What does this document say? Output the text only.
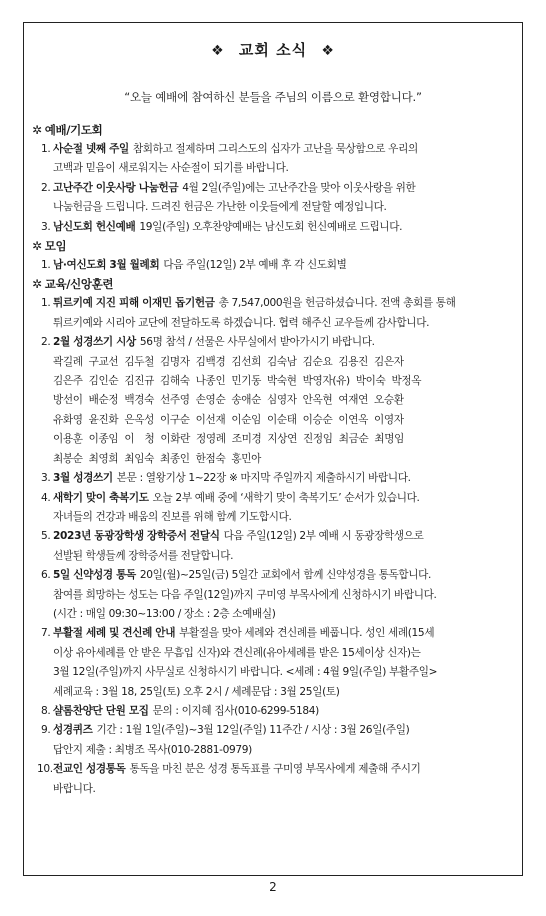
❖ 교회 소식 ❖
“오늘 예배에 참여하신 분들을 주님의 이름으로 환영합니다.”
✲ 예배/기도회
1. 사순절 넷째 주일 참회하고 절제하며 그리스도의 십자가 고난을 묵상함으로 우리의
고백과 믿음이 새로워지는 사순절이 되기를 바랍니다.
2. 고난주간 이웃사랑 나눔헌금 4월 2일(주일)에는 고난주간을 맞아 이웃사랑을 위한
나눔헌금을 드립니다. 드려진 헌금은 가난한 이웃들에게 전달할 예정입니다.
3. 남신도회 헌신예배 19일(주일) 오후찬양예배는 남신도회 헌신예배로 드립니다.
✲ 모임
1. 남·여신도회 3월 월례회 다음 주일(12일) 2부 예배 후 각 신도회별
✲ 교육/신앙훈련
1. 튀르키예 지진 피해 이재민 돕기헌금 총 7,547,000원을 헌금하셨습니다. 전액 총회를 통해
튀르키예와 시리아 교단에 전달하도록 하겠습니다. 협력 해주신 교우들께 감사합니다.
2. 2월 성경쓰기 시상 56명 참석 / 선물은 사무실에서 받아가시기 바랍니다.
곽길례 구교선 김두철 김명자 김백경 김선희 김숙남 김순요 김용진 김은자
김은주 김인순 김진규 김해숙 나종인 민기동 박숙현 박영자(유) 박이숙 박정옥
방선이 배순정 백경숙 선주영 손영순 송애순 심영자 안옥현 여재연 오승환
유화영 윤진화 은옥성 이구순 이선재 이순임 이순태 이승순 이연옥 이영자
이용훈 이종임 이　청 이화란 정영례 조미경 지상연 진정임 최금순 최명임
최봉순 최영희 최임숙 최종인 한점숙 홍민아
3. 3월 성경쓰기 본문 : 열왕기상 1~22장 ※ 마지막 주일까지 제출하시기 바랍니다.
4. 새학기 맞이 축복기도 오늘 2부 예배 중에 ‘새학기 맞이 축복기도’ 순서가 있습니다.
자녀들의 건강과 배움의 진보를 위해 함께 기도합시다.
5. 2023년 동광장학생 장학증서 전달식 다음 주일(12일) 2부 예배 시 동광장학생으로
선발된 학생들께 장학증서를 전달합니다.
6. 5일 신약성경 통독 20일(월)~25일(금) 5일간 교회에서 함께 신약성경을 통독합니다.
참여를 희망하는 성도는 다음 주일(12일)까지 구미영 부목사에게 신청하시기 바랍니다.
(시간 : 매일 09:30~13:00 / 장소 : 2층 소예배실)
7. 부활절 세례 및 견신례 안내 부활절을 맞아 세례와 견신례를 베풉니다. 성인 세례(15세
이상 유아세례를 안 받은 무흠입 신자)와 견신례(유아세례를 받은 15세이상 신자)는
3월 12일(주일)까지 사무실로 신청하시기 바랍니다. <세례 : 4월 9일(주일) 부활주일>
세례교육 : 3월 18, 25일(토) 오후 2시 / 세례문답 : 3월 25일(토)
8. 샬롬찬양단 단원 모집 문의 : 이지혜 집사(010-6299-5184)
9. 성경퀴즈 기간 : 1월 1일(주일)~3월 12일(주일) 11주간 / 시상 : 3월 26일(주일)
답안지 제출 : 최병조 목사(010-2881-0979)
10. 전교인 성경통독 통독을 마친 분은 성경 통독표를 구미영 부목사에게 제출해 주시기
바랍니다.
2
